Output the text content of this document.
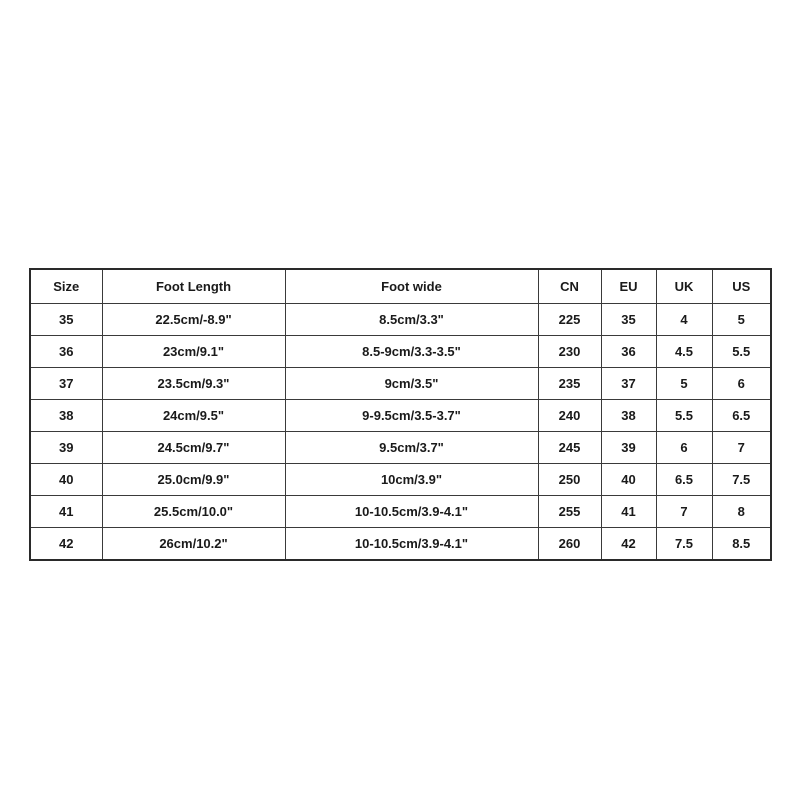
Size	Foot Length	Foot wide	CN	EU	UK	US
35	22.5cm/-8.9"	8.5cm/3.3"	225	35	4	5
36	23cm/9.1"	8.5-9cm/3.3-3.5"	230	36	4.5	5.5
37	23.5cm/9.3"	9cm/3.5"	235	37	5	6
38	24cm/9.5"	9-9.5cm/3.5-3.7"	240	38	5.5	6.5
39	24.5cm/9.7"	9.5cm/3.7"	245	39	6	7
40	25.0cm/9.9"	10cm/3.9"	250	40	6.5	7.5
41	25.5cm/10.0"	10-10.5cm/3.9-4.1"	255	41	7	8
42	26cm/10.2"	10-10.5cm/3.9-4.1"	260	42	7.5	8.5
